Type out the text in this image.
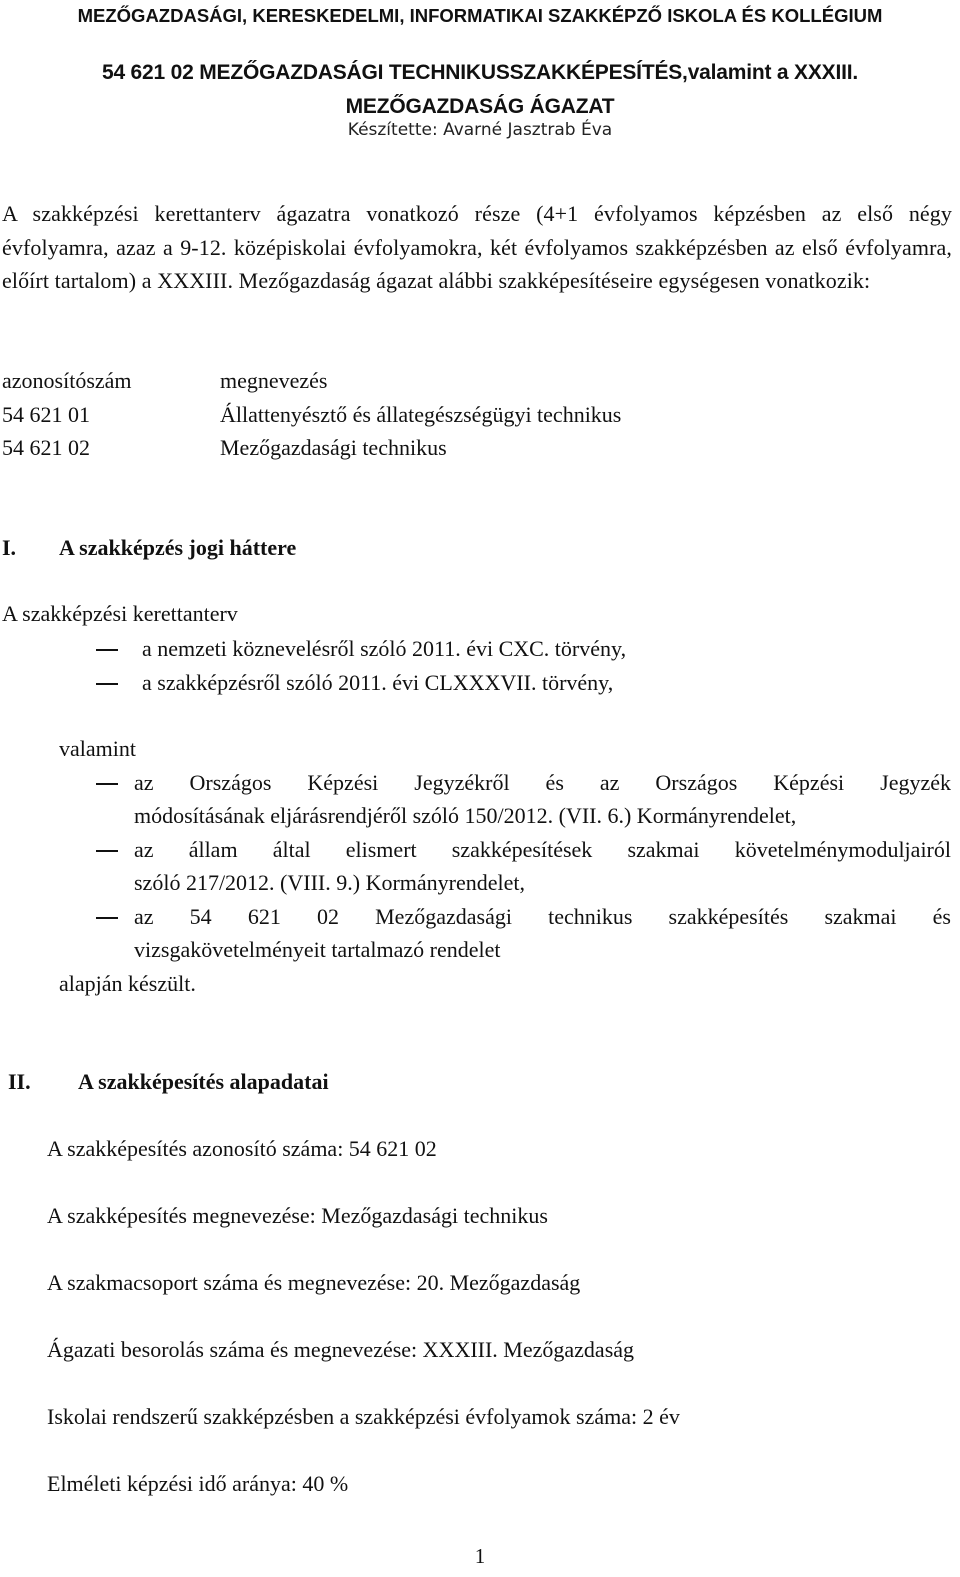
MEZŐGAZDASÁGI, KERESKEDELMI, INFORMATIKAI SZAKKÉPZŐ ISKOLA ÉS KOLLÉGIUM
54 621 02 MEZŐGAZDASÁGI TECHNIKUSSZAKKÉPESÍTÉS,valamint a XXXIII. MEZŐGAZDASÁG ÁGAZAT
Készítette: Avarné Jasztrab Éva
A szakképzési kerettanterv ágazatra vonatkozó része (4+1 évfolyamos képzésben az első négy évfolyamra, azaz a 9-12. középiskolai évfolyamokra, két évfolyamos szakképzésben az első évfolyamra, előírt tartalom) a XXXIII. Mezőgazdaság ágazat alábbi szakképesítéseire egységesen vonatkozik:
azonosítószám	megnevezés
54 621 01	Állattenyésztő és állategészségügyi technikus
54 621 02	Mezőgazdasági technikus
I. A szakképzés jogi háttere
A szakképzési kerettanterv
a nemzeti köznevelésről szóló 2011. évi CXC. törvény,
a szakképzésről szóló 2011. évi CLXXXVII. törvény,
valamint
az Országos Képzési Jegyzékről és az Országos Képzési Jegyzék
módosításának eljárásrendjéről szóló 150/2012. (VII. 6.) Kormányrendelet,
az állam által elismert szakképesítések szakmai követelménymoduljairól
szóló 217/2012. (VIII. 9.) Kormányrendelet,
az 54 621 02 Mezőgazdasági technikus szakképesítés szakmai és
vizsgakövetelményeit tartalmazó rendelet
alapján készült.
II. A szakképesítés alapadatai
A szakképesítés azonosító száma: 54 621 02
A szakképesítés megnevezése: Mezőgazdasági technikus
A szakmacsoport száma és megnevezése: 20. Mezőgazdaság
Ágazati besorolás száma és megnevezése: XXXIII. Mezőgazdaság
Iskolai rendszerű szakképzésben a szakképzési évfolyamok száma: 2 év
Elméleti képzési idő aránya: 40 %
1
